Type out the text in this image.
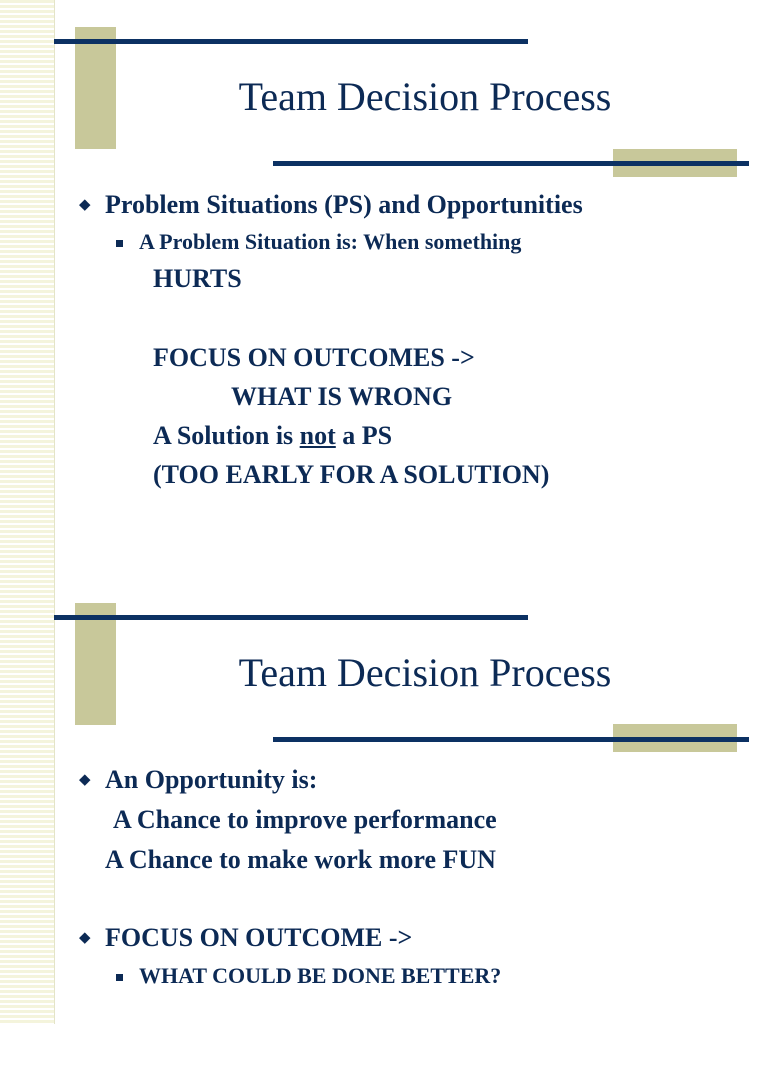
Team Decision Process
◆ Problem Situations (PS) and Opportunities
A Problem Situation is: When something
HURTS
FOCUS ON OUTCOMES ->
WHAT IS WRONG
A Solution is not a PS
(TOO EARLY FOR A SOLUTION)
Team Decision Process
◆ An Opportunity is:
A Chance to improve performance
A Chance to make work more FUN
◆ FOCUS ON OUTCOME ->
WHAT COULD BE DONE BETTER?
